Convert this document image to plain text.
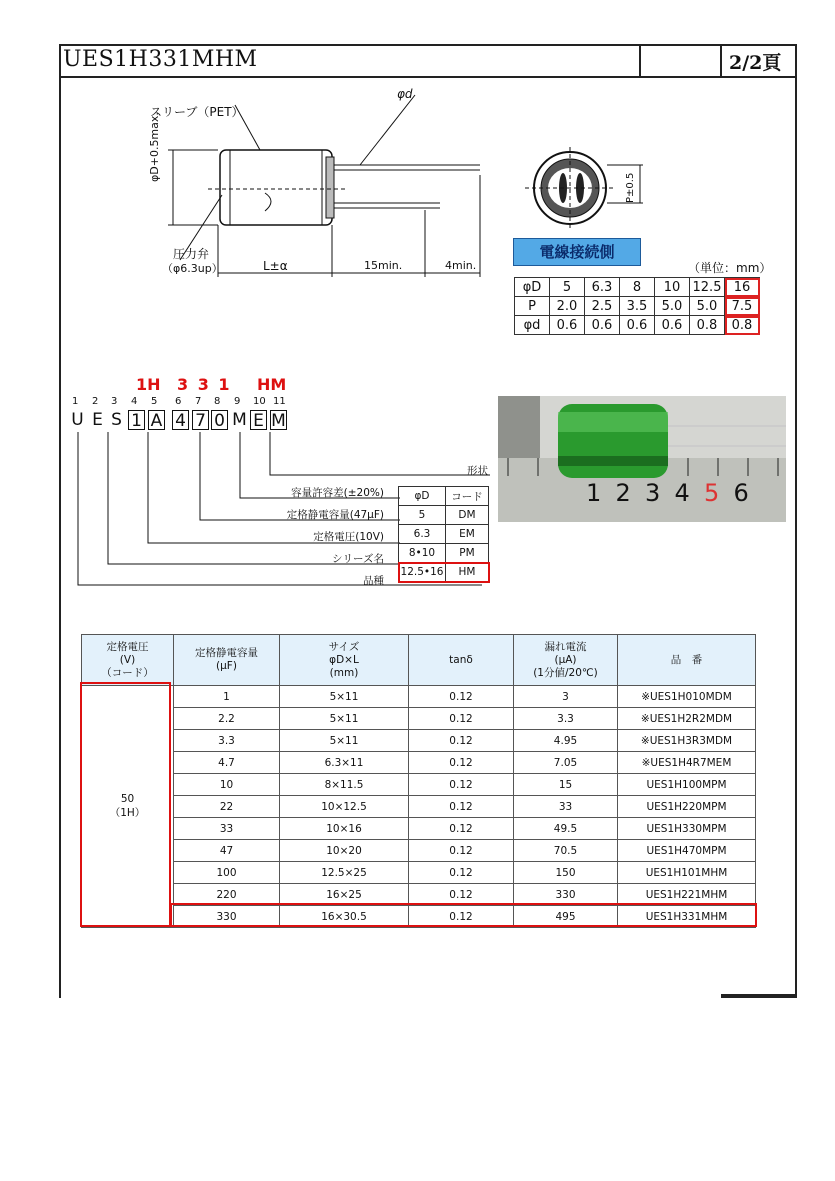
UES1H331MHM	2/2頁
スリーブ（PET）
φd
φD+0.5max.
圧力弁
（φ6.3up）	L±α	15min.	4min.
P±0.5
電線接続側
（単位：mm）
φD	5	6.3	8	10	12.5	16
P	2.0	2.5	3.5	5.0	5.0	7.5
φd	0.6	0.6	0.6	0.6	0.8	0.8
1H 3 3 1 HM
1 2 3 4 5 6 7 8 9 10 11
U E S 1 A 4 7 0 M E M
形状
容量許容差(±20%)
定格静電容量(47μF)
定格電圧(10V)
シリーズ名
品種
φD	コード
5	DM
6.3	EM
8•10	PM
12.5•16	HM
1 2 3 4 5 6
定格電圧
(V)
（コード）	定格静電容量
(μF)	サイズ
φD×L
(mm)	tanδ	漏れ電流
(μA)
(1分値/20℃)	品　番
50
（1H）	1	5×11	0.12	3	※UES1H010MDM
	2.2	5×11	0.12	3.3	※UES1H2R2MDM
	3.3	5×11	0.12	4.95	※UES1H3R3MDM
	4.7	6.3×11	0.12	7.05	※UES1H4R7MEM
	10	8×11.5	0.12	15	UES1H100MPM
	22	10×12.5	0.12	33	UES1H220MPM
	33	10×16	0.12	49.5	UES1H330MPM
	47	10×20	0.12	70.5	UES1H470MPM
	100	12.5×25	0.12	150	UES1H101MHM
	220	16×25	0.12	330	UES1H221MHM
	330	16×30.5	0.12	495	UES1H331MHM
